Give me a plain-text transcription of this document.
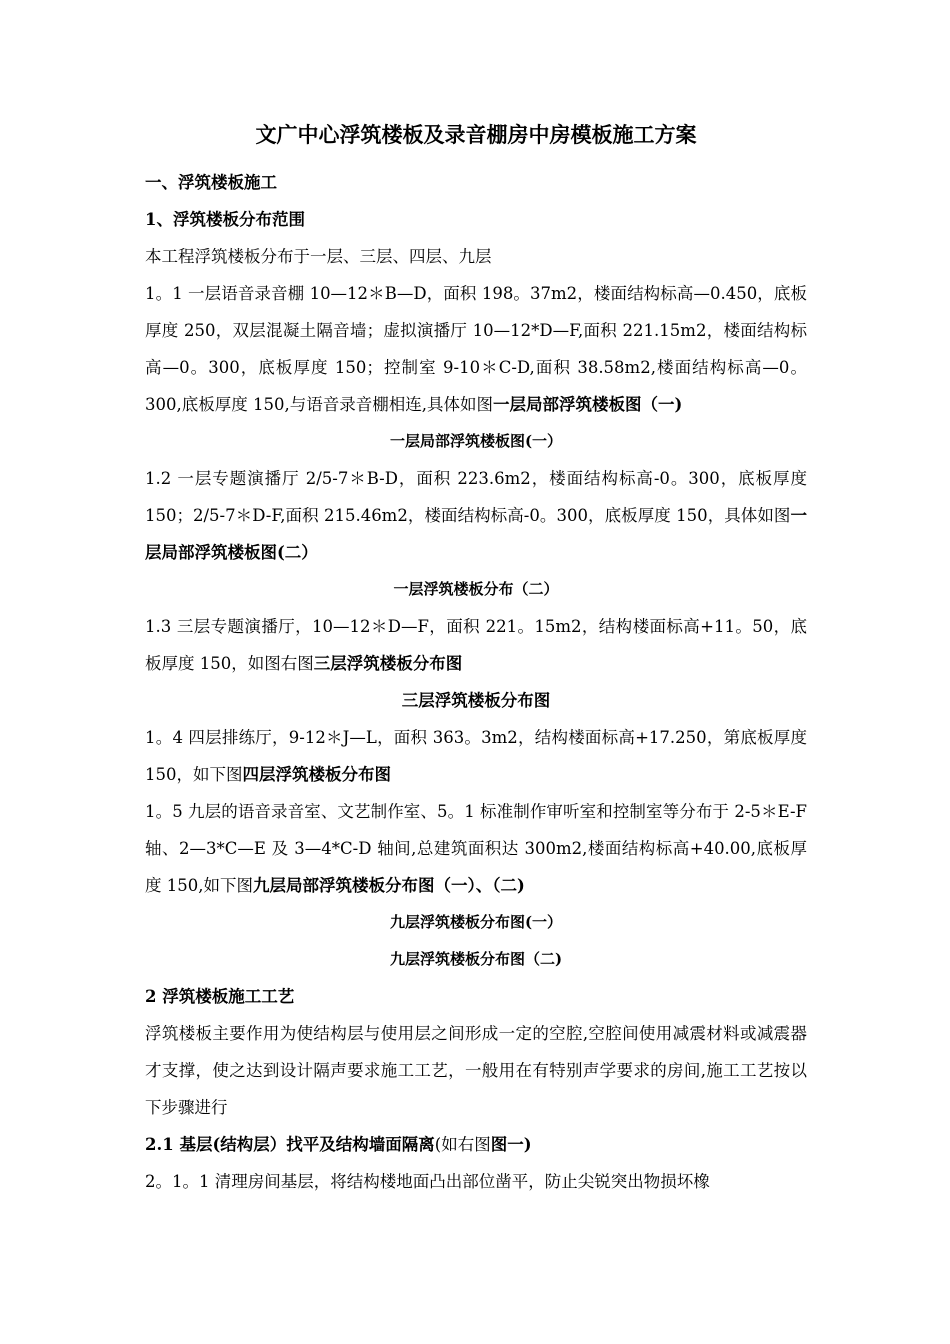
文广中心浮筑楼板及录音棚房中房模板施工方案

一、浮筑楼板施工

1、浮筑楼板分布范围

本工程浮筑楼板分布于一层、三层、四层、九层

1。1 一层语音录音棚 10—12＊B—D，面积 198。37m2，楼面结构标高—0.450，底板厚度 250，双层混凝土隔音墙；虚拟演播厅 10—12*D—F,面积 221.15m2，楼面结构标高—0。300，底板厚度 150；控制室 9-10＊C-D,面积 38.58m2,楼面结构标高—0。300,底板厚度 150,与语音录音棚相连,具体如图一层局部浮筑楼板图（一)

一层局部浮筑楼板图(一）

1.2 一层专题演播厅 2/5-7＊B-D，面积 223.6m2，楼面结构标高-0。300，底板厚度 150；2/5-7＊D-F,面积 215.46m2，楼面结构标高-0。300，底板厚度 150，具体如图一层局部浮筑楼板图(二）

一层浮筑楼板分布（二）

1.3 三层专题演播厅，10—12＊D—F，面积 221。15m2，结构楼面标高+11。50，底板厚度 150，如图右图三层浮筑楼板分布图

三层浮筑楼板分布图

1。4 四层排练厅，9-12＊J—L，面积 363。3m2，结构楼面标高+17.250，第底板厚度 150，如下图四层浮筑楼板分布图

1。5 九层的语音录音室、文艺制作室、5。1 标准制作审听室和控制室等分布于 2-5＊E-F 轴、2—3*C—E 及 3—4*C-D 轴间,总建筑面积达 300m2,楼面结构标高+40.00,底板厚度 150,如下图九层局部浮筑楼板分布图（一）、（二)

九层浮筑楼板分布图(一）

九层浮筑楼板分布图（二)

2 浮筑楼板施工工艺

浮筑楼板主要作用为使结构层与使用层之间形成一定的空腔,空腔间使用减震材料或减震器才支撑，使之达到设计隔声要求施工工艺，一般用在有特别声学要求的房间,施工工艺按以下步骤进行

2.1 基层(结构层）找平及结构墙面隔离(如右图图一)

2。1。1 清理房间基层，将结构楼地面凸出部位凿平，防止尖锐突出物损坏橡
